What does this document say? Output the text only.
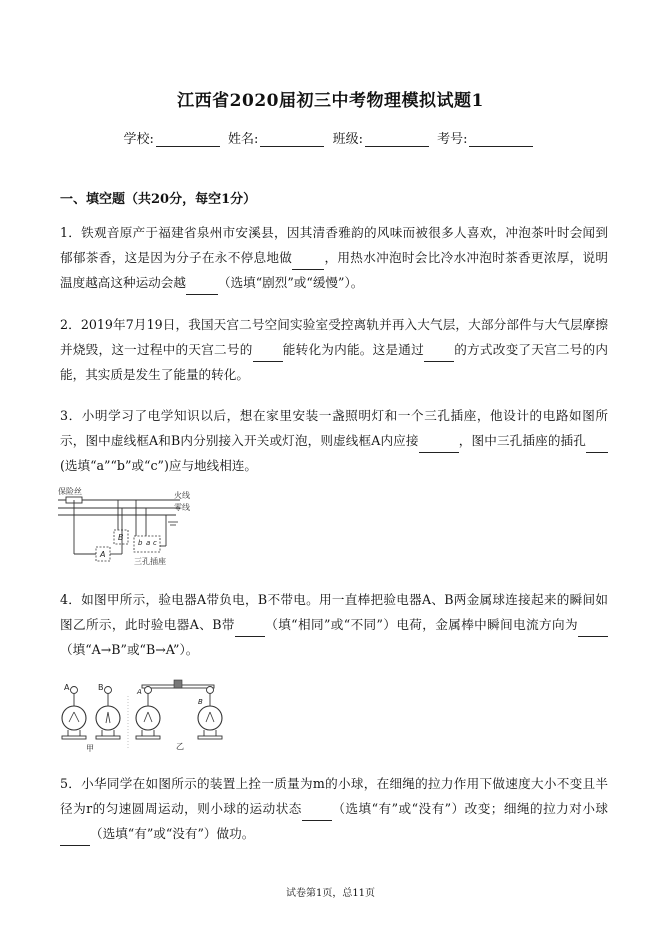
江西省2020届初三中考物理模拟试题1
学校:	姓名:	班级:	考号:
一、填空题（共20分，每空1分）
1．铁观音原产于福建省泉州市安溪县，因其清香雅韵的风味而被很多人喜欢，冲泡茶叶时会闻到郁郁茶香，这是因为分子在永不停息地做	，用热水冲泡时会比冷水冲泡时茶香更浓厚，说明温度越高这种运动会越	（选填“剧烈”或“缓慢”）。
2．2019年7月19日，我国天宫二号空间实验室受控离轨并再入大气层，大部分部件与大气层摩擦并烧毁，这一过程中的天宫二号的 能转化为内能。这是通过 的方式改变了天宫二号的内能，其实质是发生了能量的转化。
3．小明学习了电学知识以后，想在家里安装一盏照明灯和一个三孔插座，他设计的电路如图所示，图中虚线框A和B内分别接入开关或灯泡，则虚线框A内应接	，图中三孔插座的插孔(选填“a”“b”或“c”)应与地线相连。
A
B
b a c
保险丝	火线
零线
三孔插座
4．如图甲所示，验电器A带负电，B不带电。用一直棒把验电器A、B两金属球连接起来的瞬间如图乙所示，此时验电器A、B带 （填“相同”或“不同”）电荷，金属棒中瞬间电流方向为（填“A→B”或“B→A”）。
A	B
甲
A
B
乙
5．小华同学在如图所示的装置上拴一质量为m的小球，在细绳的拉力作用下做速度大小不变且半径为r的匀速圆周运动，则小球的运动状态 （选填“有”或“没有”）改变；细绳的拉力对小球（选填“有”或“没有”）做功。
试卷第1页，总11页
